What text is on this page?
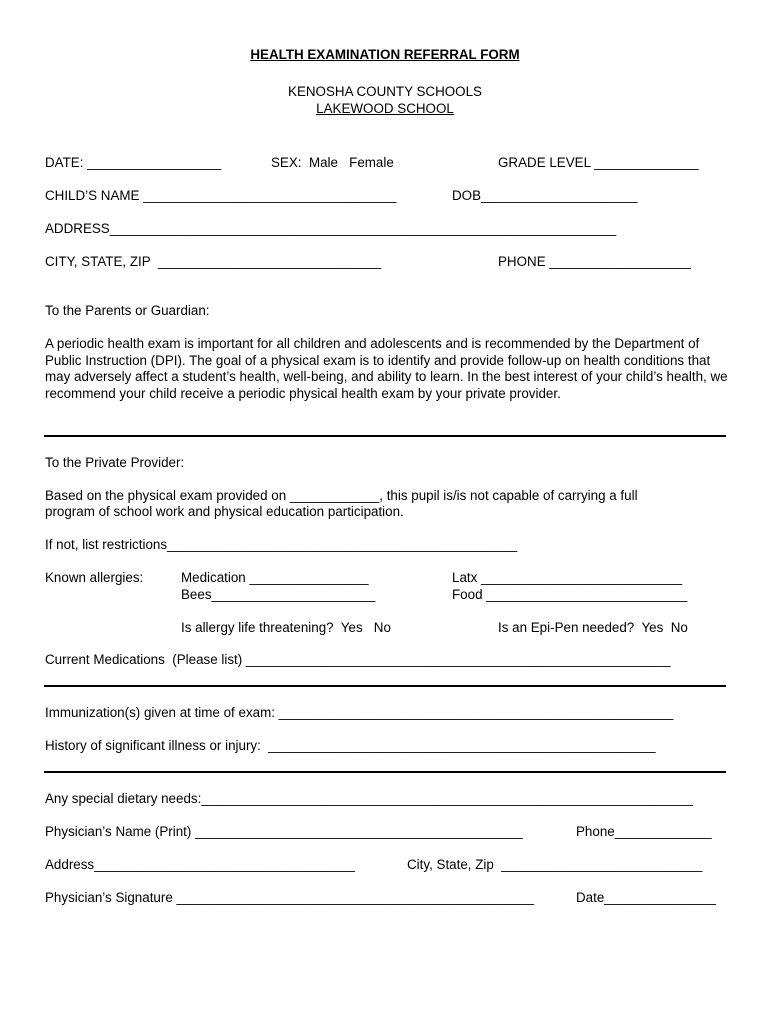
HEALTH EXAMINATION REFERRAL FORM
KENOSHA COUNTY SCHOOLS
LAKEWOOD SCHOOL
DATE: __________________	SEX:  Male   Female	GRADE LEVEL ______________
CHILD’S NAME __________________________________	DOB_____________________
ADDRESS____________________________________________________________________
CITY, STATE, ZIP  ______________________________	PHONE ___________________
To the Parents or Guardian:
A periodic health exam is important for all children and adolescents and is recommended by the Department of Public Instruction (DPI). The goal of a physical exam is to identify and provide follow-up on health conditions that may adversely affect a student’s health, well-being, and ability to learn. In the best interest of your child’s health, we recommend your child receive a periodic physical health exam by your private provider.
To the Private Provider:
Based on the physical exam provided on ____________, this pupil is/is not capable of carrying a full
program of school work and physical education participation.
If not, list restrictions_______________________________________________
Known allergies:	Medication ________________	Latx ___________________________
Bees______________________	Food ___________________________
Is allergy life threatening?  Yes   No	Is an Epi-Pen needed?  Yes  No
Current Medications  (Please list) _________________________________________________________
Immunization(s) given at time of exam: _____________________________________________________
History of significant illness or injury:  ____________________________________________________
Any special dietary needs:__________________________________________________________________
Physician’s Name (Print) ____________________________________________	Phone_____________
Address___________________________________	City, State, Zip  ___________________________
Physician’s Signature ________________________________________________	Date_______________
